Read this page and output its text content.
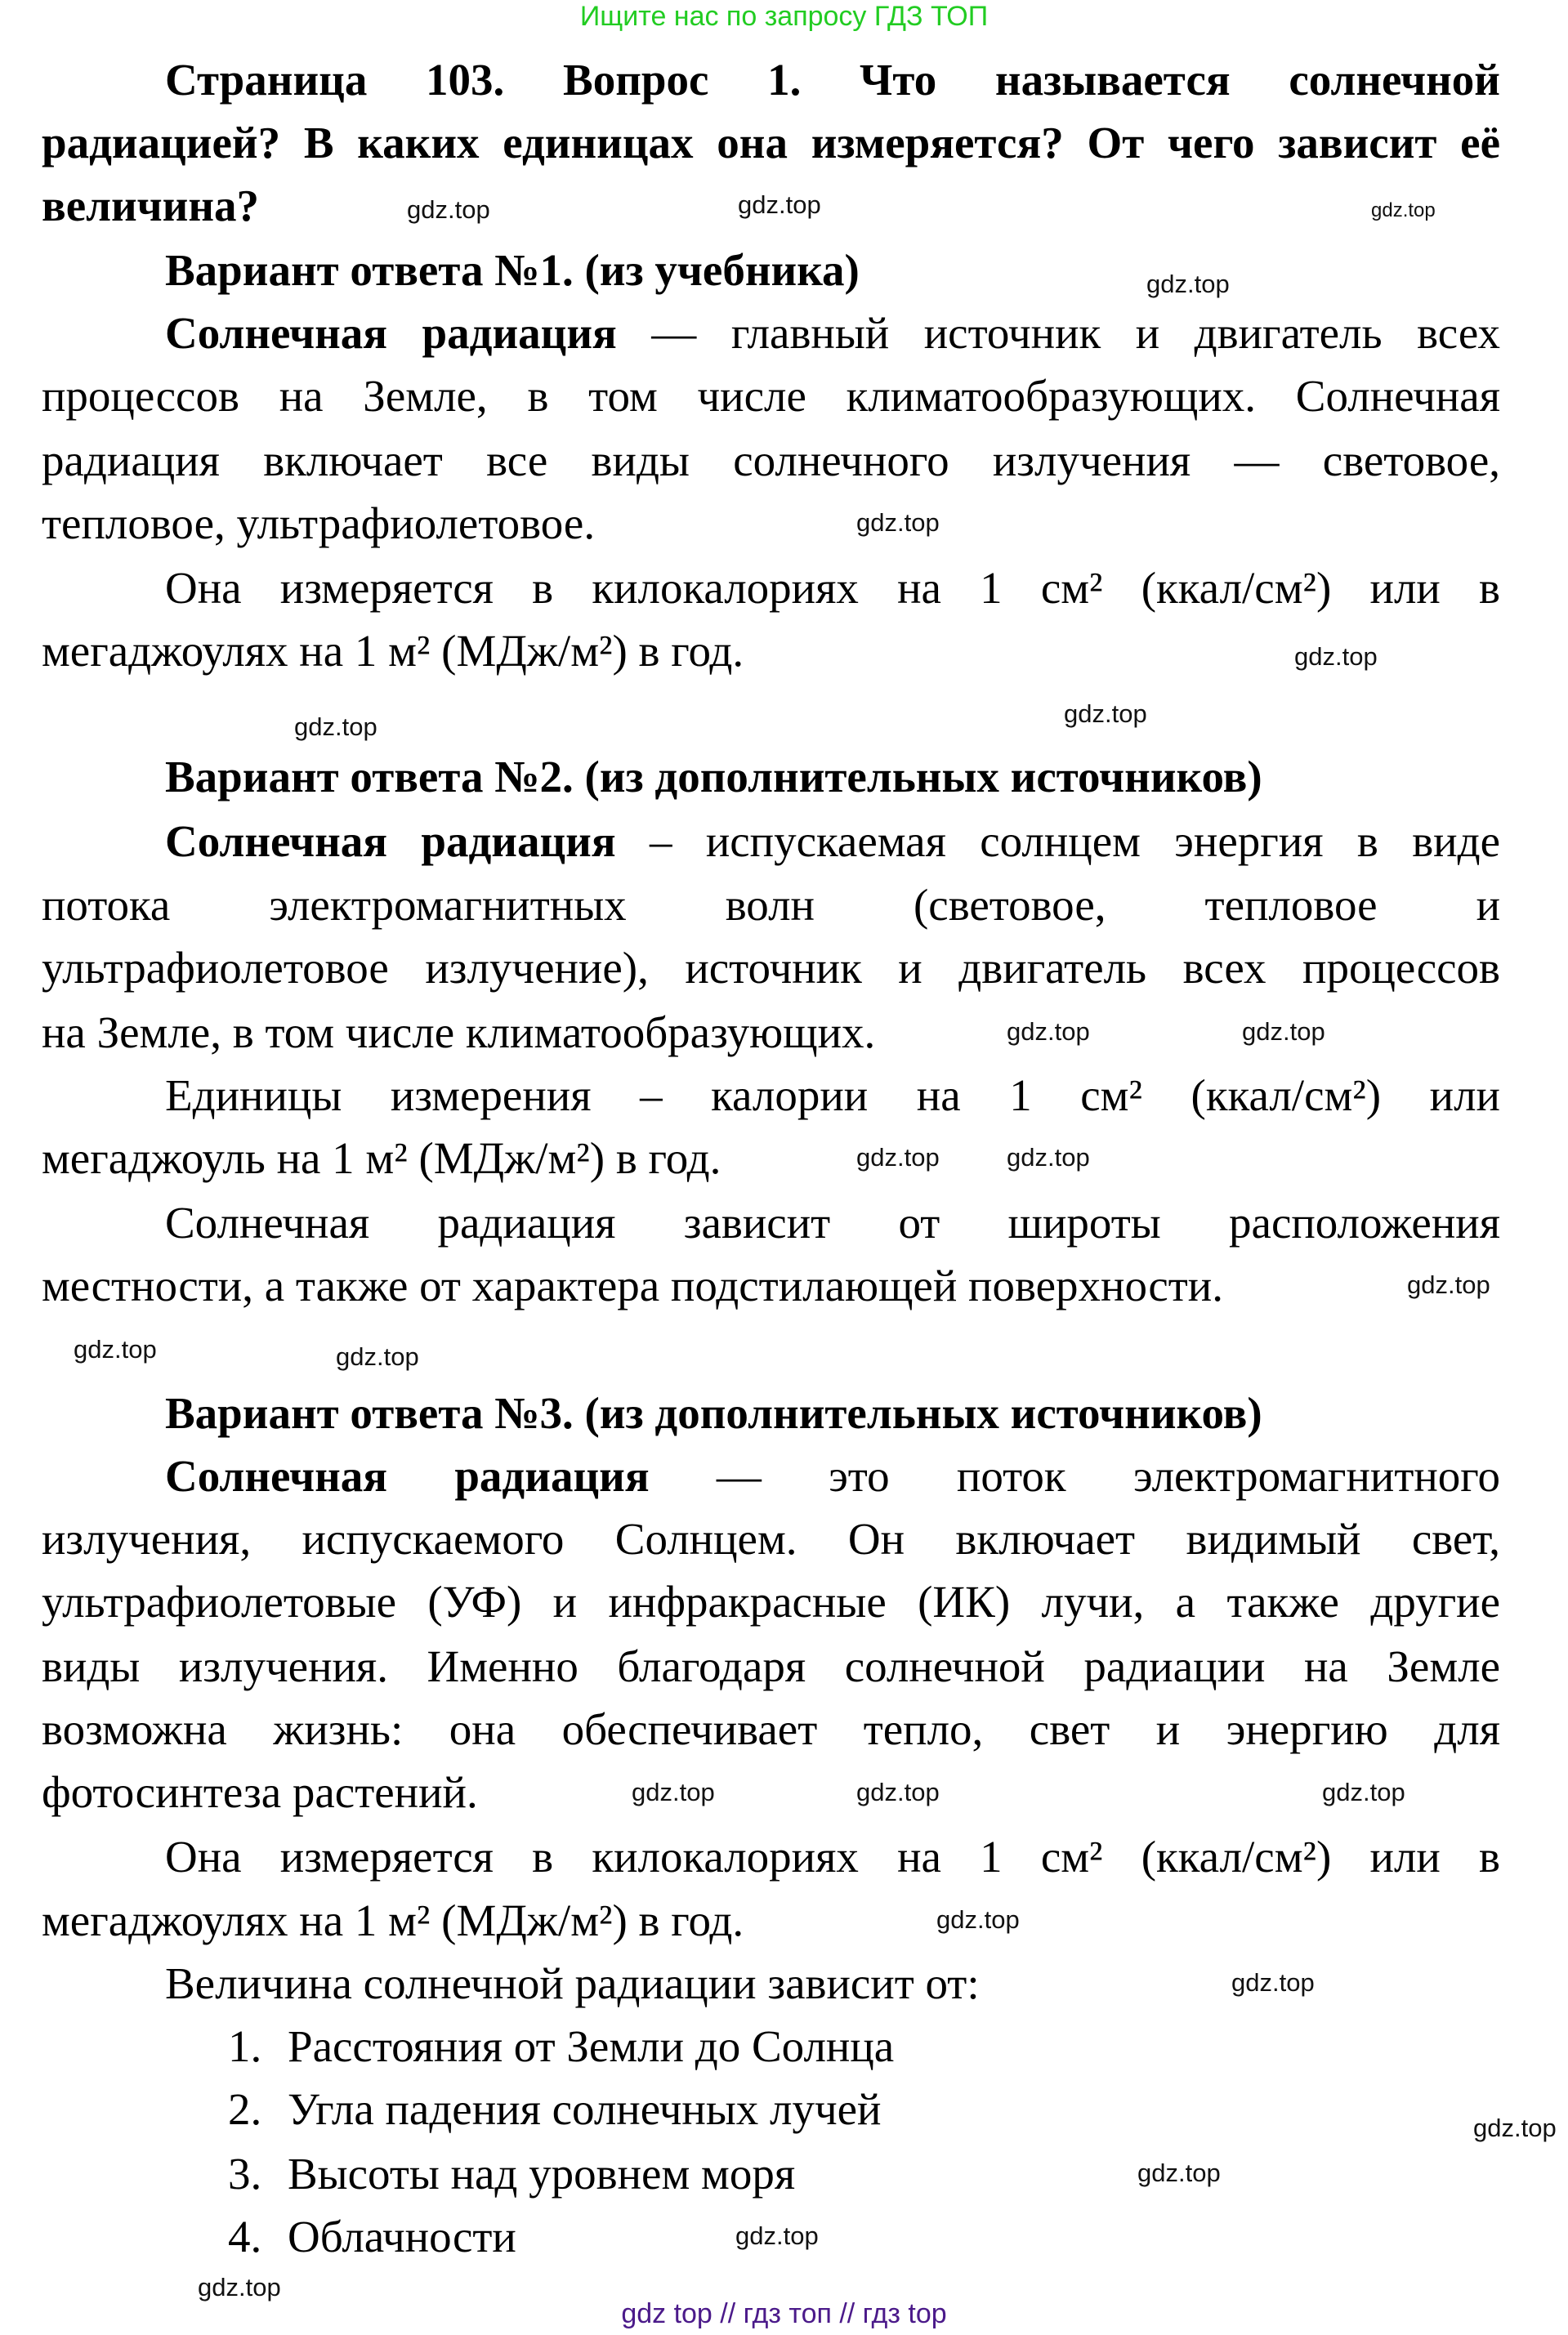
Ищите нас по запросу ГДЗ ТОП
Страница 103. Вопрос 1. Что называется солнечной
радиацией? В каких единицах она измеряется? От чего зависит её
величина?
Вариант ответа №1. (из учебника)
Солнечная радиация — главный источник и двигатель всех
процессов на Земле, в том числе климатообразующих. Солнечная
радиация включает все виды солнечного излучения — световое,
тепловое, ультрафиолетовое.
Она измеряется в килокалориях на 1 см² (ккал/см²) или в
мегаджоулях на 1 м² (МДж/м²) в год.
Вариант ответа №2. (из дополнительных источников)
Солнечная радиация – испускаемая солнцем энергия в виде
потока электромагнитных волн (световое, тепловое и
ультрафиолетовое излучение), источник и двигатель всех процессов
на Земле, в том числе климатообразующих.
Единицы измерения – калории на 1 см² (ккал/см²) или
мегаджоуль на 1 м² (МДж/м²) в год.
Солнечная радиация зависит от широты расположения
местности, а также от характера подстилающей поверхности.
Вариант ответа №3. (из дополнительных источников)
Солнечная радиация — это поток электромагнитного
излучения, испускаемого Солнцем. Он включает видимый свет,
ультрафиолетовые (УФ) и инфракрасные (ИК) лучи, а также другие
виды излучения. Именно благодаря солнечной радиации на Земле
возможна жизнь: она обеспечивает тепло, свет и энергию для
фотосинтеза растений.
Она измеряется в килокалориях на 1 см² (ккал/см²) или в
мегаджоулях на 1 м² (МДж/м²) в год.
Величина солнечной радиации зависит от:
1. Расстояния от Земли до Солнца
2. Угла падения солнечных лучей
3. Высоты над уровнем моря
4. Облачности
gdz.top
gdz.top	gdz.top
gdz.top
gdz.top
gdz.top
gdz.top
gdz.top
gdz.top	gdz.top
gdz.top	gdz.top
gdz.top
gdz.top	gdz.top
gdz.top
gdz.top	gdz.top
gdz.top
gdz.top
gdz.top
gdz.top
gdz.top
gdz.top
gdz top // гдз топ // гдз top
